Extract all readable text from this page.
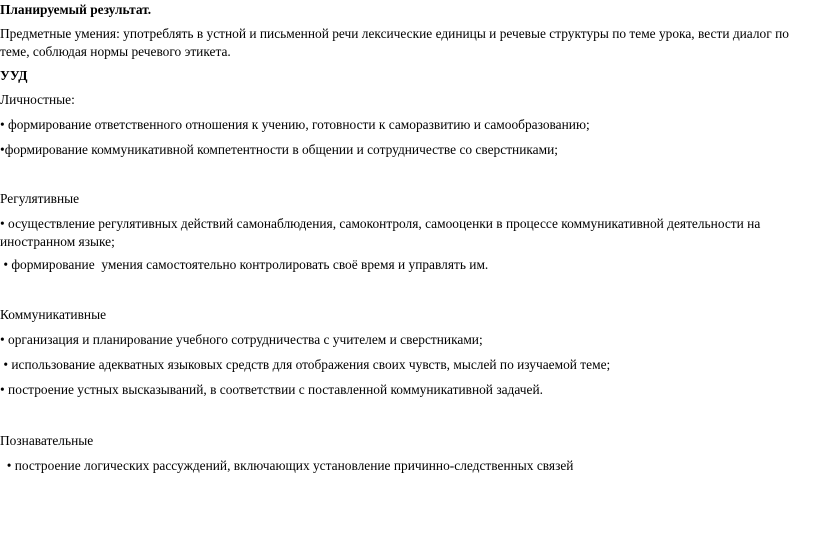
Планируемый результат.
Предметные умения: употреблять в устной и письменной речи лексические единицы и речевые структуры по теме урока, вести диалог по теме, соблюдая нормы речевого этикета.
УУД
Личностные:
• формирование ответственного отношения к учению, готовности к саморазвитию и самообразованию;
•формирование коммуникативной компетентности в общении и сотрудничестве со сверстниками;
Регулятивные
• осуществление регулятивных действий самонаблюдения, самоконтроля, самооценки в процессе коммуникативной деятельности на иностранном языке;
• формирование  умения самостоятельно контролировать своё время и управлять им.
Коммуникативные
• организация и планирование учебного сотрудничества с учителем и сверстниками;
• использование адекватных языковых средств для отображения своих чувств, мыслей по изучаемой теме;
• построение устных высказываний, в соответствии с поставленной коммуникативной задачей.
Познавательные
• построение логических рассуждений, включающих установление причинно-следственных связей
